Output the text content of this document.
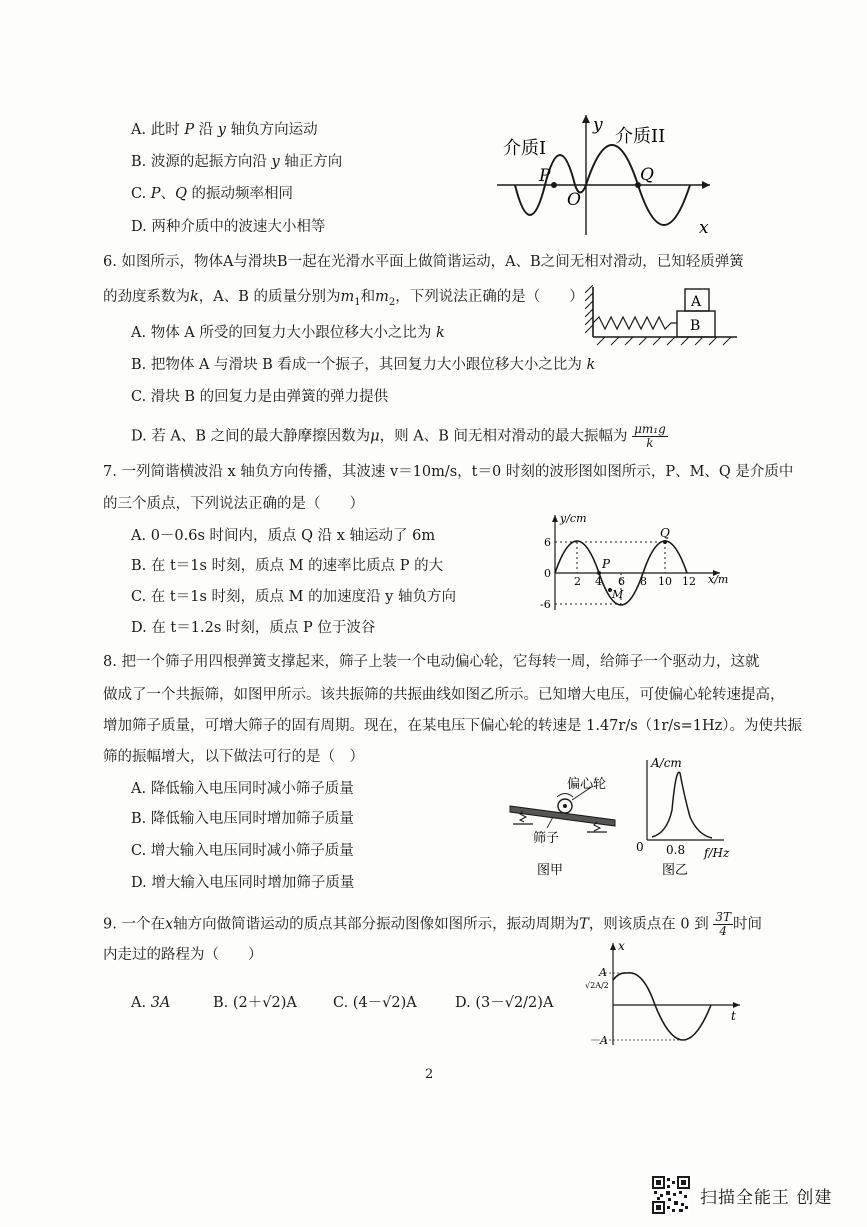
A. 此时 P 沿 y 轴负方向运动
B. 波源的起振方向沿 y 轴正方向
C. P、Q 的振动频率相同
D. 两种介质中的波速大小相等
介质I
介质II
y
x
O
P	Q
6. 如图所示，物体A与滑块B一起在光滑水平面上做简谐运动，A、B之间无相对滑动，已知轻质弹簧
的劲度系数为k，A、B 的质量分别为$m_1$和$m_2$，下列说法正确的是（　　）
A. 物体 A 所受的回复力大小跟位移大小之比为 k
B. 把物体 A 与滑块 B 看成一个振子，其回复力大小跟位移大小之比为 k
C. 滑块 B 的回复力是由弹簧的弹力提供
D. 若 A、B 之间的最大静摩擦因数为μ，则 A、B 间无相对滑动的最大振幅为 $\frac{\text{μm₁g}}{k}$
A
B
7. 一列简谐横波沿 x 轴负方向传播，其波速 v＝10m/s，t＝0 时刻的波形图如图所示，P、M、Q 是介质中
的三个质点，下列说法正确的是（　　）
A. 0－0.6s 时间内，质点 Q 沿 x 轴运动了 6m
B. 在 t＝1s 时刻，质点 M 的速率比质点 P 的大
C. 在 t＝1s 时刻，质点 M 的加速度沿 y 轴负方向
D. 在 t＝1.2s 时刻，质点 P 位于波谷
y/cm
x/m
6
0
-6
2 4 6 8 10 12
P
M
Q
8. 把一个筛子用四根弹簧支撑起来，筛子上装一个电动偏心轮，它每转一周，给筛子一个驱动力，这就
做成了一个共振筛，如图甲所示。该共振筛的共振曲线如图乙所示。已知增大电压，可使偏心轮转速提高，
增加筛子质量，可增大筛子的固有周期。现在，在某电压下偏心轮的转速是 1.47r/s（1r/s=1Hz）。为使共振
筛的振幅增大，以下做法可行的是（　）
A. 降低输入电压同时减小筛子质量
B. 降低输入电压同时增加筛子质量
C. 增大输入电压同时减小筛子质量
D. 增大输入电压同时增加筛子质量
偏心轮
筛子
图甲
A/cm
0 0.8 f/Hz
图乙
9. 一个在x轴方向做简谐运动的质点其部分振动图像如图所示，振动周期为T，则该质点在 0 到 $\frac{3T}{4}$ 时间
内走过的路程为（　　）
A. 3A	B. (2＋√2)A C. (4－√2)A	D. (3－√2/2)A
x
t
A
√2A/2
－A
2
扫描全能王 创建
